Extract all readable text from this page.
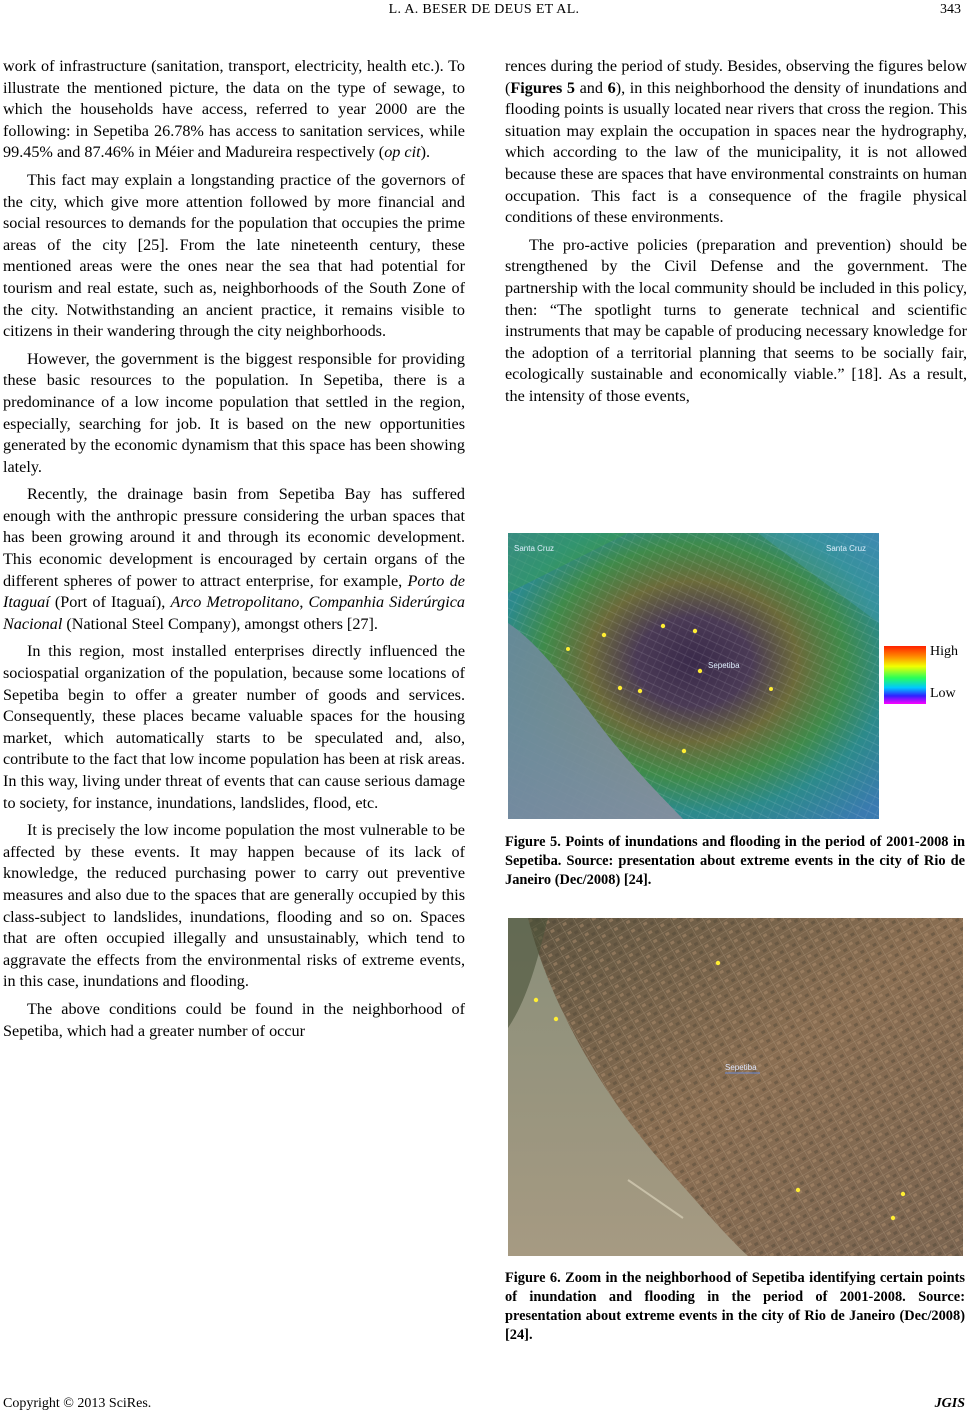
L. A. BESER DE DEUS ET AL.	343

work of infrastructure (sanitation, transport, electricity, health etc.). To illustrate the mentioned picture, the data on the type of sewage, to which the households have access, referred to year 2000 are the following: in Sepetiba 26.78% has access to sanitation services, while 99.45% and 87.46% in Méier and Madureira respectively (op cit).

This fact may explain a longstanding practice of the governors of the city, which give more attention followed by more financial and social resources to demands for the population that occupies the prime areas of the city [25]. From the late nineteenth century, these mentioned areas were the ones near the sea that had potential for tourism and real estate, such as, neighborhoods of the South Zone of the city. Notwithstanding an ancient practice, it remains visible to citizens in their wandering through the city neighborhoods.

However, the government is the biggest responsible for providing these basic resources to the population. In Sepetiba, there is a predominance of a low income population that settled in the region, especially, searching for job. It is based on the new opportunities generated by the economic dynamism that this space has been showing lately.

Recently, the drainage basin from Sepetiba Bay has suffered enough with the anthropic pressure considering the urban spaces that has been growing around it and through its economic development. This economic development is encouraged by certain organs of the different spheres of power to attract enterprise, for example, Porto de Itaguaí (Port of Itaguaí), Arco Metropolitano, Companhia Siderúrgica Nacional (National Steel Company), amongst others [27].

In this region, most installed enterprises directly influenced the sociospatial organization of the population, because some locations of Sepetiba begin to offer a greater number of goods and services. Consequently, these places became valuable spaces for the housing market, which automatically starts to be speculated and, also, contribute to the fact that low income population has been at risk areas. In this way, living under threat of events that can cause serious damage to society, for instance, inundations, landslides, flood, etc.

It is precisely the low income population the most vulnerable to be affected by these events. It may happen because of its lack of knowledge, the reduced purchasing power to carry out preventive measures and also due to the spaces that are generally occupied by this class-subject to landslides, inundations, flooding and so on. Spaces that are often occupied illegally and unsustainably, which tend to aggravate the effects from the environmental risks of extreme events, in this case, inundations and flooding.

The above conditions could be found in the neighborhood of Sepetiba, which had a greater number of occur

rences during the period of study. Besides, observing the figures below (Figures 5 and 6), in this neighborhood the density of inundations and flooding points is usually located near rivers that cross the region. This situation may explain the occupation in spaces near the hydrography, which according to the law of the municipality, it is not allowed because these are spaces that have environmental constraints on human occupation. This fact is a consequence of the fragile physical conditions of these environments.

The pro-active policies (preparation and prevention) should be strengthened by the Civil Defense and the government. The partnership with the local community should be included in this policy, then: “The spotlight turns to generate technical and scientific instruments that may be capable of producing necessary knowledge for the adoption of a territorial planning that seems to be socially fair, ecologically sustainable and economically viable.” [18]. As a result, the intensity of those events,

Santa Cruz	Santa Cruz
Sepetiba
High
Low
Figure 5. Points of inundations and flooding in the period of 2001-2008 in Sepetiba. Source: presentation about extreme events in the city of Rio de Janeiro (Dec/2008) [24].
Sepetiba
Figure 6. Zoom in the neighborhood of Sepetiba identifying certain points of inundation and flooding in the period of 2001-2008. Source: presentation about extreme events in the city of Rio de Janeiro (Dec/2008) [24].
Copyright © 2013 SciRes.	JGIS
